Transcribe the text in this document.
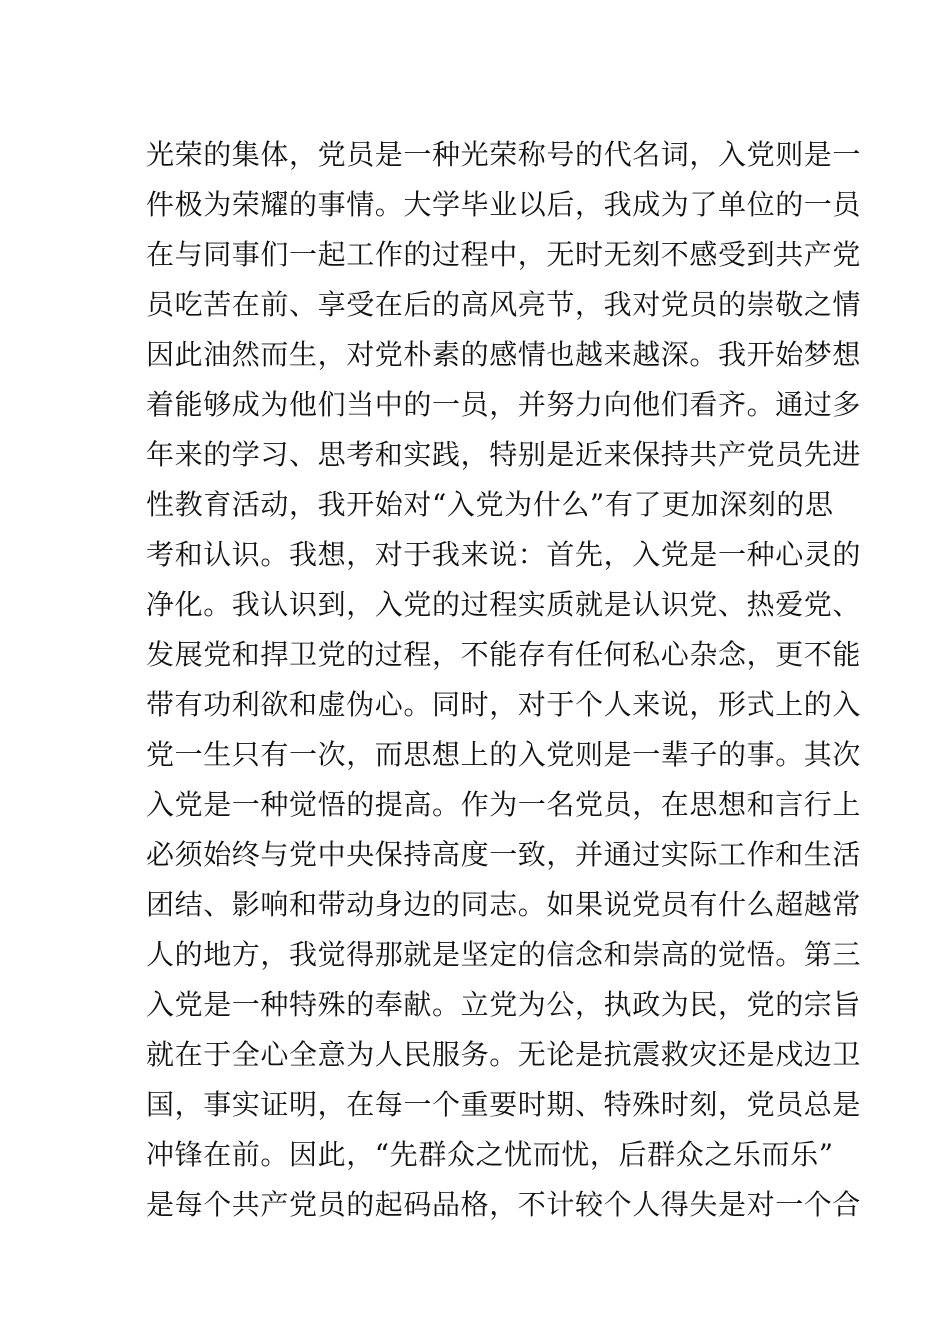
光荣的集体，党员是一种光荣称号的代名词，入党则是一
件极为荣耀的事情。大学毕业以后，我成为了单位的一员
在与同事们一起工作的过程中，无时无刻不感受到共产党
员吃苦在前、享受在后的高风亮节，我对党员的崇敬之情
因此油然而生，对党朴素的感情也越来越深。我开始梦想
着能够成为他们当中的一员，并努力向他们看齐。通过多
年来的学习、思考和实践，特别是近来保持共产党员先进
性教育活动，我开始对“入党为什么”有了更加深刻的思
考和认识。我想，对于我来说：首先，入党是一种心灵的
净化。我认识到，入党的过程实质就是认识党、热爱党、
发展党和捍卫党的过程，不能存有任何私心杂念，更不能
带有功利欲和虚伪心。同时，对于个人来说，形式上的入
党一生只有一次，而思想上的入党则是一辈子的事。其次
入党是一种觉悟的提高。作为一名党员，在思想和言行上
必须始终与党中央保持高度一致，并通过实际工作和生活
团结、影响和带动身边的同志。如果说党员有什么超越常
人的地方，我觉得那就是坚定的信念和崇高的觉悟。第三
入党是一种特殊的奉献。立党为公，执政为民，党的宗旨
就在于全心全意为人民服务。无论是抗震救灾还是戍边卫
国，事实证明，在每一个重要时期、特殊时刻，党员总是
冲锋在前。因此，“先群众之忧而忧，后群众之乐而乐”
是每个共产党员的起码品格，不计较个人得失是对一个合
